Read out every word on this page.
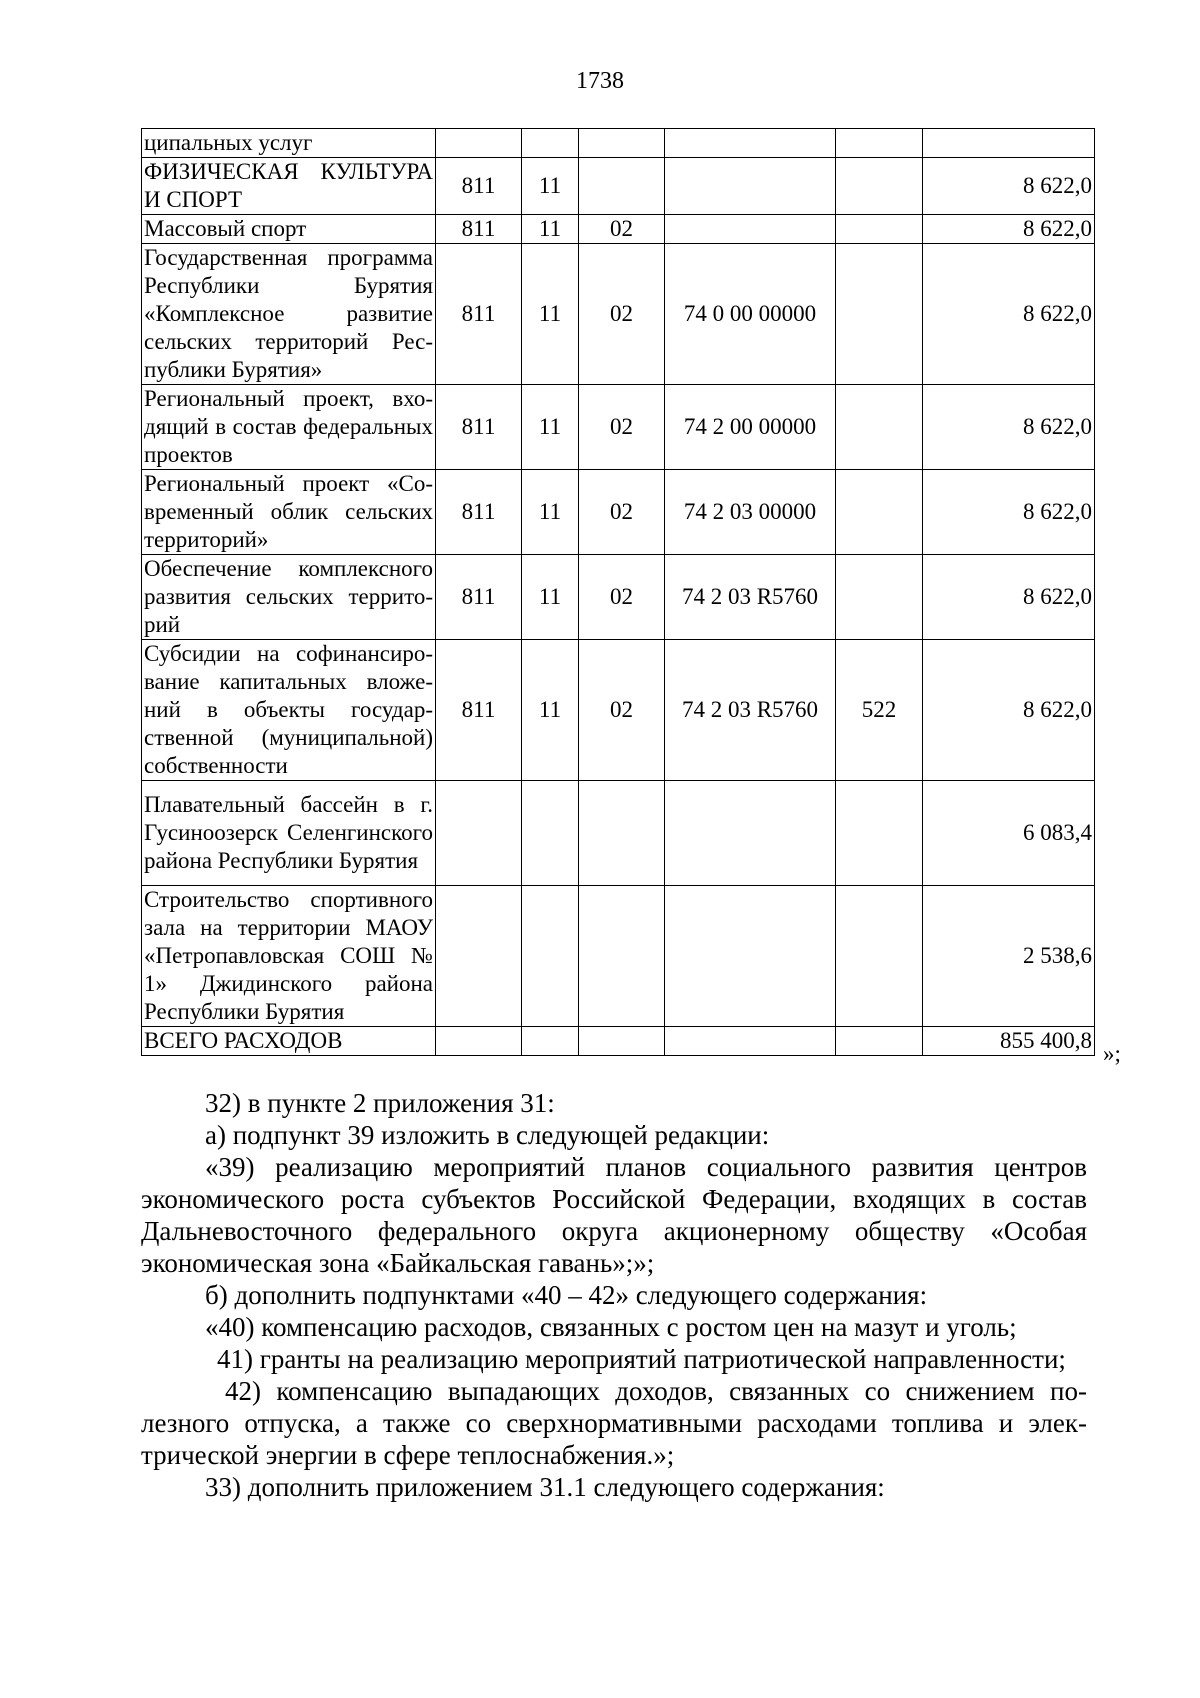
1738
ципальных услуг						
ФИЗИЧЕСКАЯ КУЛЬТУРА И СПОРТ	811	11				8 622,0
Массовый спорт	811	11	02			8 622,0
Государственная программа Республики Бурятия «Комплексное развитие сельских территорий Республики Бурятия»	811	11	02	74 0 00 00000		8 622,0
Региональный проект, входящий в состав федеральных проектов	811	11	02	74 2 00 00000		8 622,0
Региональный проект «Современный облик сельских территорий»	811	11	02	74 2 03 00000		8 622,0
Обеспечение комплексного развития сельских территорий	811	11	02	74 2 03 R5760		8 622,0
Субсидии на софинансирование капитальных вложений в объекты государственной (муниципальной) собственности	811	11	02	74 2 03 R5760	522	8 622,0
Плавательный бассейн в г. Гусиноозерск Селенгинского района Республики Бурятия						6 083,4
Строительство спортивного зала на территории МАОУ «Петропавловская СОШ № 1» Джидинского района Республики Бурятия						2 538,6
ВСЕГО РАСХОДОВ						855 400,8
»;

32) в пункте 2 приложения 31:

а) подпункт 39 изложить в следующей редакции:

«39) реализацию мероприятий планов социального развития центров экономического роста субъектов Российской Федерации, входящих в состав Дальневосточного федерального округа акционерному обществу «Особая экономическая зона «Байкальская гавань»;»;

б) дополнить подпунктами «40 – 42» следующего содержания:

«40) компенсацию расходов, связанных с ростом цен на мазут и уголь;

41) гранты на реализацию мероприятий патриотической направленности;

42) компенсацию выпадающих доходов, связанных со снижением полезного отпуска, а также со сверхнормативными расходами топлива и электрической энергии в сфере теплоснабжения.»;

33) дополнить приложением 31.1 следующего содержания:
